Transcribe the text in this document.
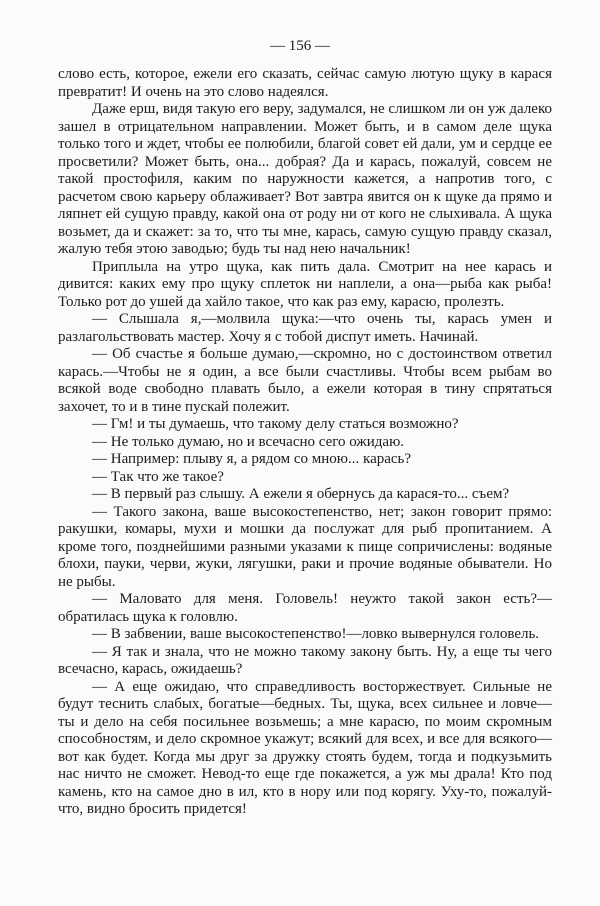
— 156 —

слово есть, которое, ежели его сказать, сейчас самую лютую щуку в карася превратит! И очень на это слово надеялся.

Даже ерш, видя такую его веру, задумался, не слишком ли он уж далеко зашел в отрицательном направлении. Может быть, и в самом деле щука только того и ждет, чтобы ее полюбили, благой совет ей дали, ум и сердце ее просветили? Может быть, она... добрая? Да и карась, пожалуй, совсем не такой простофиля, каким по наружности кажется, а напротив того, с расчетом свою карьеру облаживает? Вот завтра явится он к щуке да прямо и ляпнет ей сущую правду, какой она от роду ни от кого не слыхивала. А щука возьмет, да и скажет: за то, что ты мне, карась, самую сущую правду сказал, жалую тебя этою заводью; будь ты над нею начальник!

Приплыла на утро щука, как пить дала. Смотрит на нее карась и дивится: каких ему про щуку сплеток ни наплели, а она—рыба как рыба! Только рот до ушей да хайло такое, что как раз ему, карасю, пролезть.

— Слышала я,—молвила щука:—что очень ты, карась умен и разлагольствовать мастер. Хочу я с тобой диспут иметь. Начинай.

— Об счастье я больше думаю,—скромно, но с достоинством ответил карась.—Чтобы не я один, а все были счастливы. Чтобы всем рыбам во всякой воде свободно плавать было, а ежели которая в тину спрятаться захочет, то и в тине пускай полежит.

— Гм! и ты думаешь, что такому делу статься возможно?

— Не только думаю, но и всечасно сего ожидаю.

— Например: плыву я, а рядом со мною... карась?

— Так что же такое?

— В первый раз слышу. А ежели я обернусь да карася-то... съем?

— Такого закона, ваше высокостепенство, нет; закон говорит прямо: ракушки, комары, мухи и мошки да послужат для рыб пропитанием. А кроме того, позднейшими разными указами к пище сопричислены: водяные блохи, пауки, черви, жуки, лягушки, раки и прочие водяные обыватели. Но не рыбы.

— Маловато для меня. Головель! неужто такой закон есть?—обратилась щука к головлю.

— В забвении, ваше высокостепенство!—ловко вывернулся головель.

— Я так и знала, что не можно такому закону быть. Ну, а еще ты чего всечасно, карась, ожидаешь?

— А еще ожидаю, что справедливость восторжествует. Сильные не будут теснить слабых, богатые—бедных. Ты, щука, всех сильнее и ловче—ты и дело на себя посильнее возьмешь; а мне карасю, по моим скромным способностям, и дело скромное укажут; всякий для всех, и все для всякого—вот как будет. Когда мы друг за дружку стоять будем, тогда и подкузьмить нас ничто не сможет. Невод-то еще где покажется, а уж мы драла! Кто под камень, кто на самое дно в ил, кто в нору или под корягу. Уху-то, пожалуй-что, видно бросить придется!
